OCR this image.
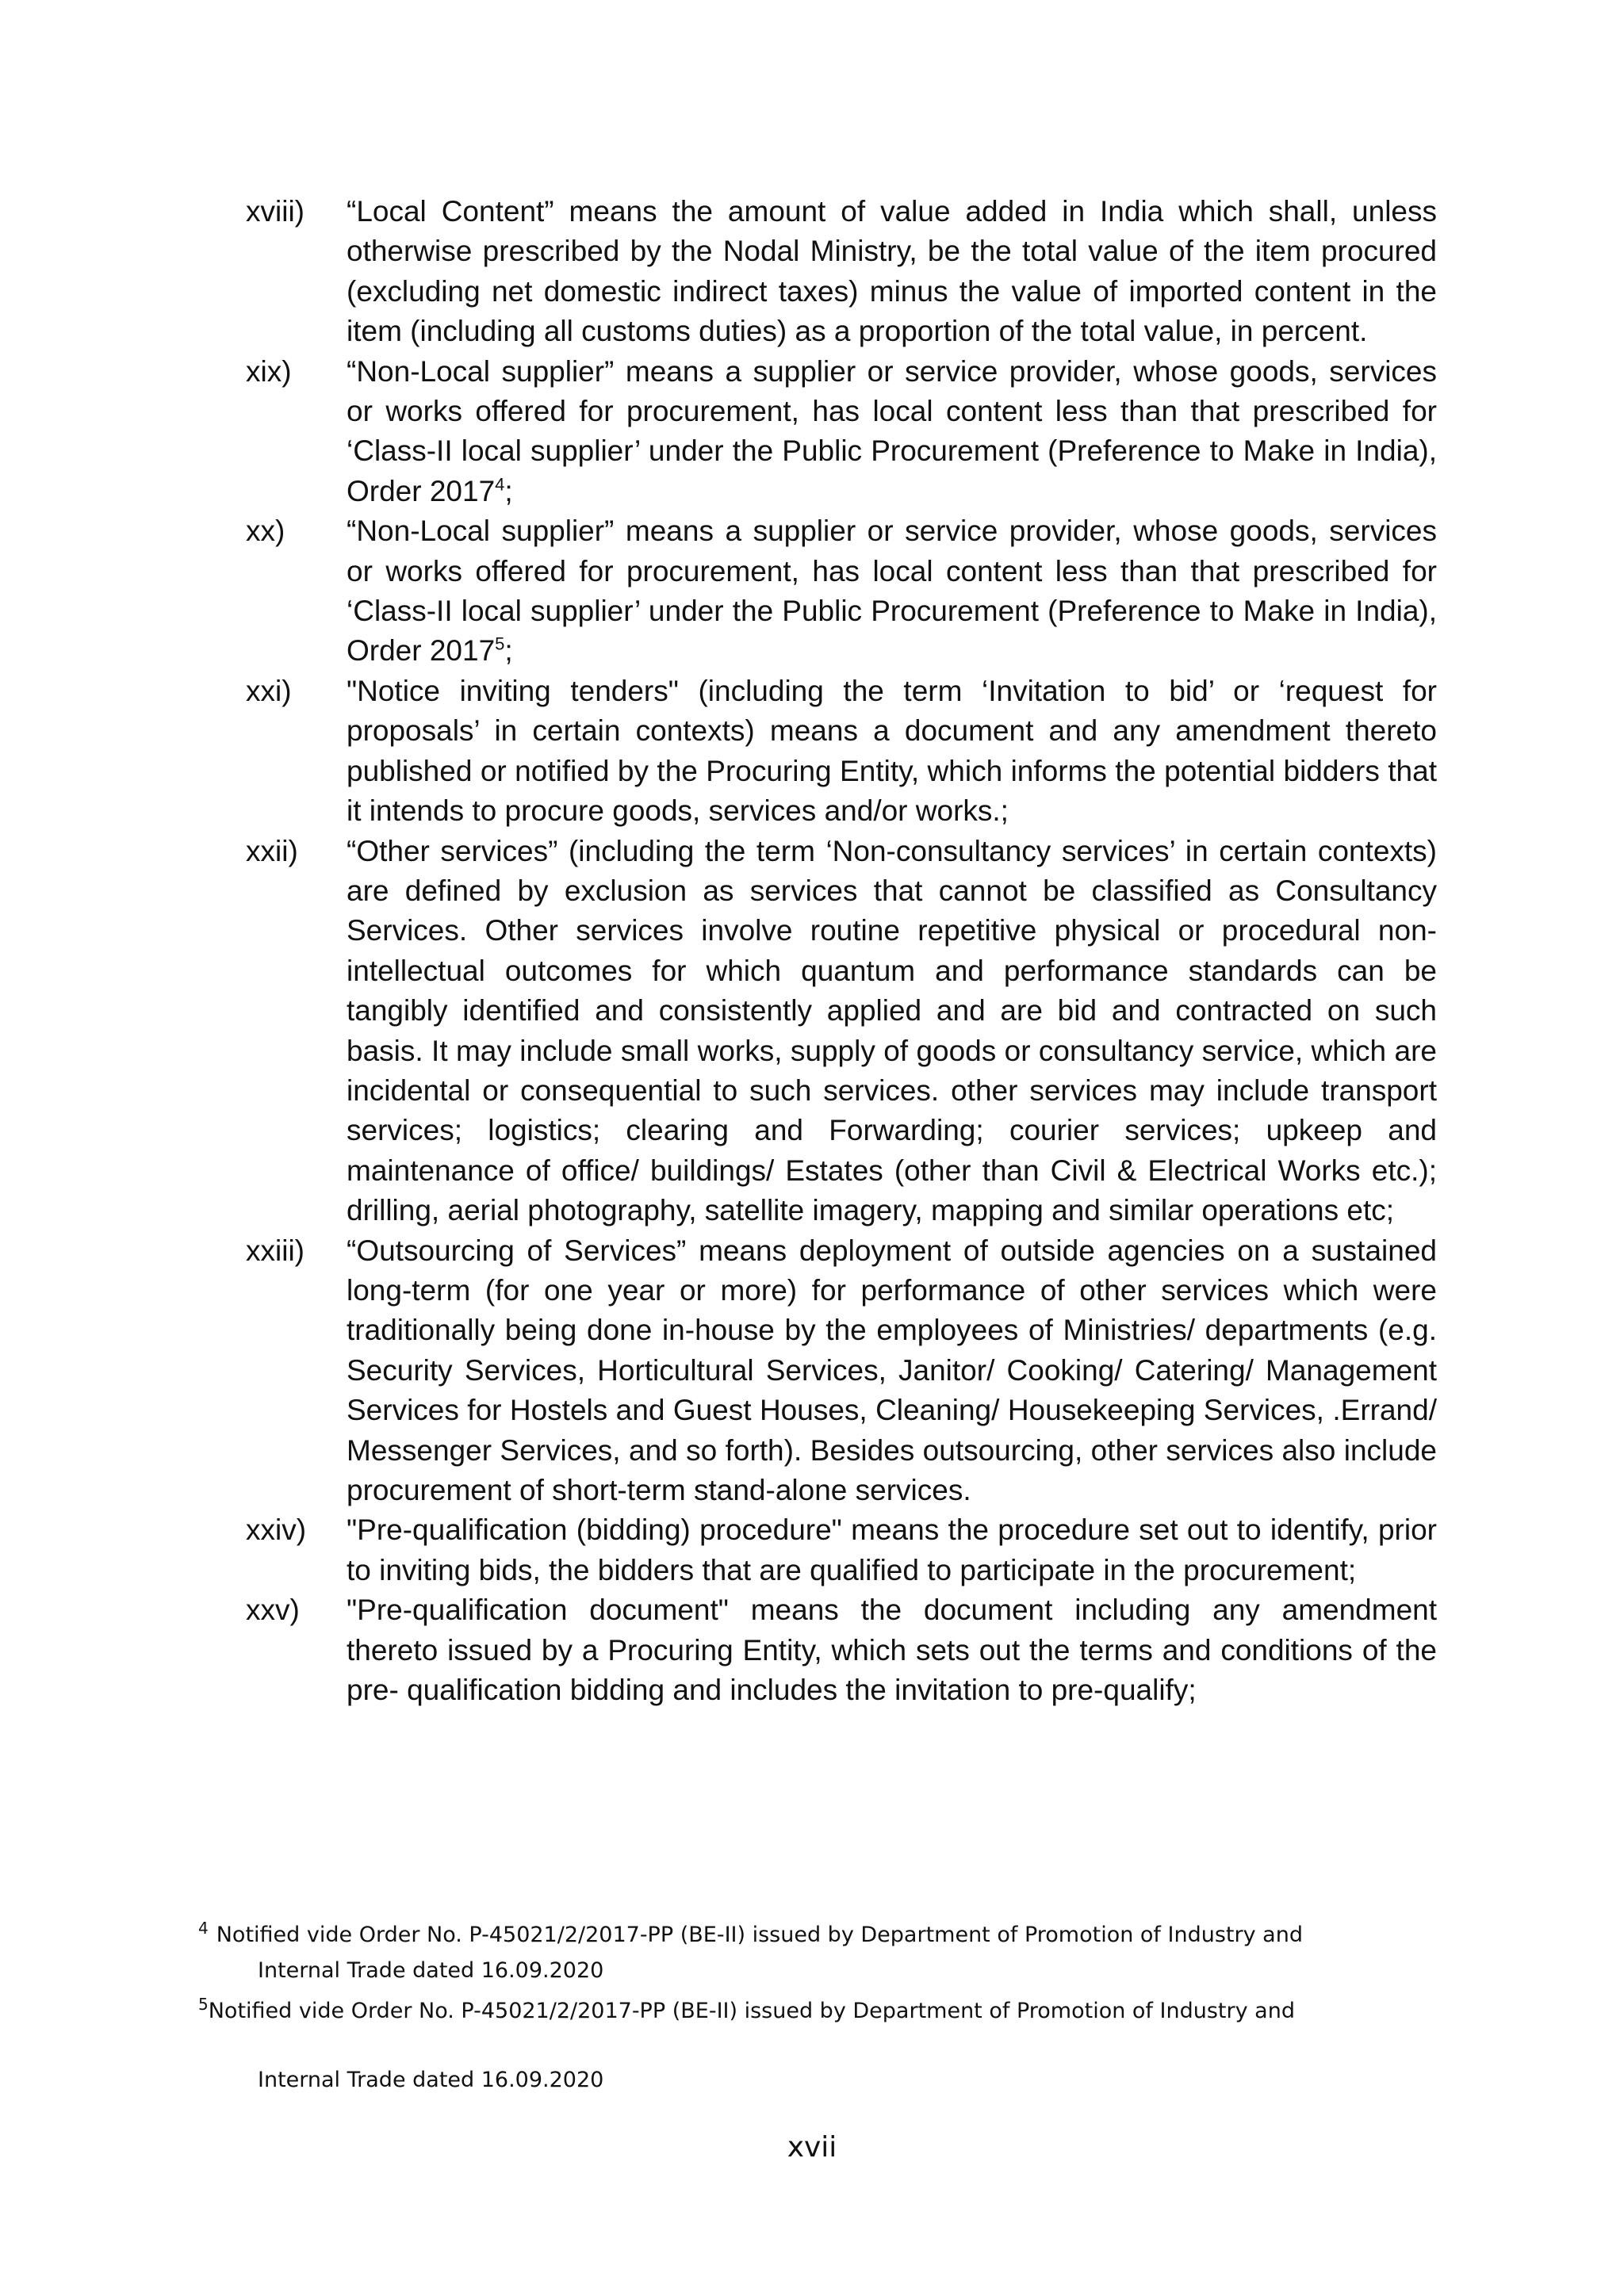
xviii)	“Local Content” means the amount of value added in India which shall, unless otherwise prescribed by the Nodal Ministry, be the total value of the item procured (excluding net domestic indirect taxes) minus the value of imported content in the item (including all customs duties) as a proportion of the total value, in percent.
xix)	“Non-Local supplier” means a supplier or service provider, whose goods, services or works offered for procurement, has local content less than that prescribed for ‘Class-II local supplier’ under the Public Procurement (Preference to Make in India), Order 2017$^4$;
xx)	“Non-Local supplier” means a supplier or service provider, whose goods, services or works offered for procurement, has local content less than that prescribed for ‘Class-II local supplier’ under the Public Procurement (Preference to Make in India), Order 2017$^5$;
xxi)	"Notice inviting tenders" (including the term ‘Invitation to bid’ or ‘request for proposals’ in certain contexts) means a document and any amendment thereto published or notified by the Procuring Entity, which informs the potential bidders that it intends to procure goods, services and/or works.;
xxii)	“Other services” (including the term ‘Non-consultancy services’ in certain contexts) are defined by exclusion as services that cannot be classified as Consultancy Services. Other services involve routine repetitive physical or procedural non-intellectual outcomes for which quantum and performance standards can be tangibly identified and consistently applied and are bid and contracted on such basis. It may include small works, supply of goods or consultancy service, which are incidental or consequential to such services. other services may include transport services; logistics; clearing and Forwarding; courier services; upkeep and maintenance of office/ buildings/ Estates (other than Civil & Electrical Works etc.); drilling, aerial photography, satellite imagery, mapping and similar operations etc;
xxiii)	“Outsourcing of Services” means deployment of outside agencies on a sustained long-term (for one year or more) for performance of other services which were traditionally being done in-house by the employees of Ministries/ departments (e.g. Security Services, Horticultural Services, Janitor/ Cooking/ Catering/ Management Services for Hostels and Guest Houses, Cleaning/ Housekeeping Services, .Errand/ Messenger Services, and so forth). Besides outsourcing, other services also include procurement of short-term stand-alone services.
xxiv)	"Pre-qualification (bidding) procedure" means the procedure set out to identify, prior to inviting bids, the bidders that are qualified to participate in the procurement;
xxv)	"Pre-qualification document" means the document including any amendment thereto issued by a Procuring Entity, which sets out the terms and conditions of the pre- qualification bidding and includes the invitation to pre-qualify;

$^4$ Notified vide Order No. P-45021/2/2017-PP (BE-II) issued by Department of Promotion of Industry and

Internal Trade dated 16.09.2020

$^5$Notified vide Order No. P-45021/2/2017-PP (BE-II) issued by Department of Promotion of Industry and

Internal Trade dated 16.09.2020

xvii
